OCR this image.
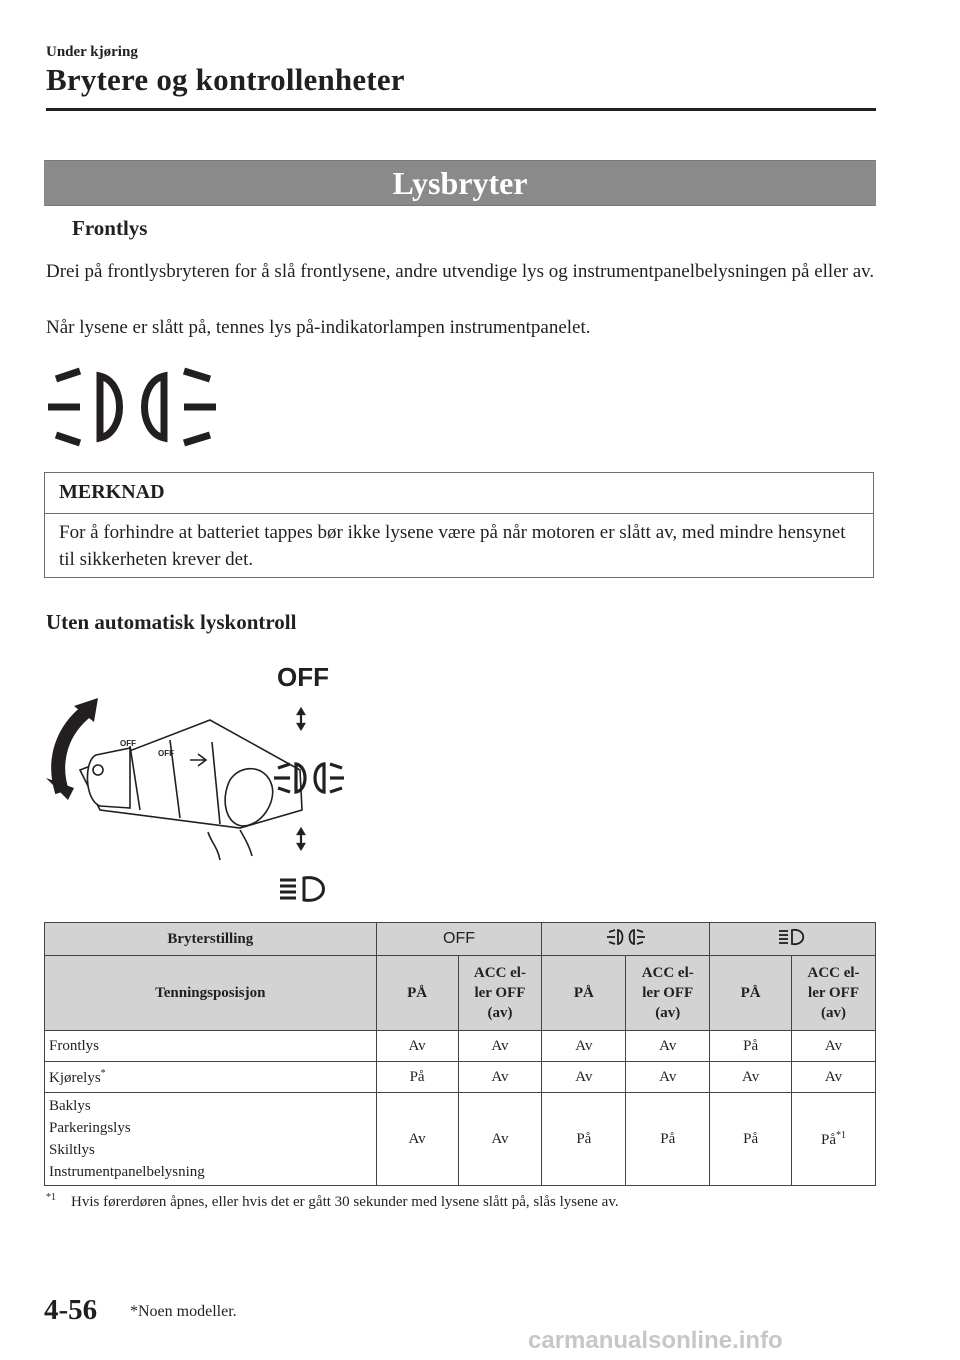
Under kjøring
Brytere og kontrollenheter
Lysbryter
Frontlys
Drei på frontlysbryteren for å slå frontlysene, andre utvendige lys og instrumentpanelbelysningen på eller av.
Når lysene er slått på, tennes lys på-indikatorlampen instrumentpanelet.
MERKNAD
For å forhindre at batteriet tappes bør ikke lysene være på når motoren er slått av, med mindre hensynet til sikkerheten krever det.
Uten automatisk lyskontroll
OFF
OFF
OFF
Bryterstilling	OFF		
Tenningsposisjon	PÅ	ACC el-
ler OFF
(av)	PÅ	ACC el-
ler OFF
(av)	PÅ	ACC el-
ler OFF
(av)
Frontlys	Av	Av	Av	Av	På	Av
Kjørelys*	På	Av	Av	Av	Av	Av
Baklys
Parkeringslys
Skiltlys
Instrumentpanelbelysning	Av	Av	På	På	På	$På^{*1}$
$^{*1}$ Hvis førerdøren åpnes, eller hvis det er gått 30 sekunder med lysene slått på, slås lysene av.
4-56 *Noen modeller.
carmanualsonline.info
